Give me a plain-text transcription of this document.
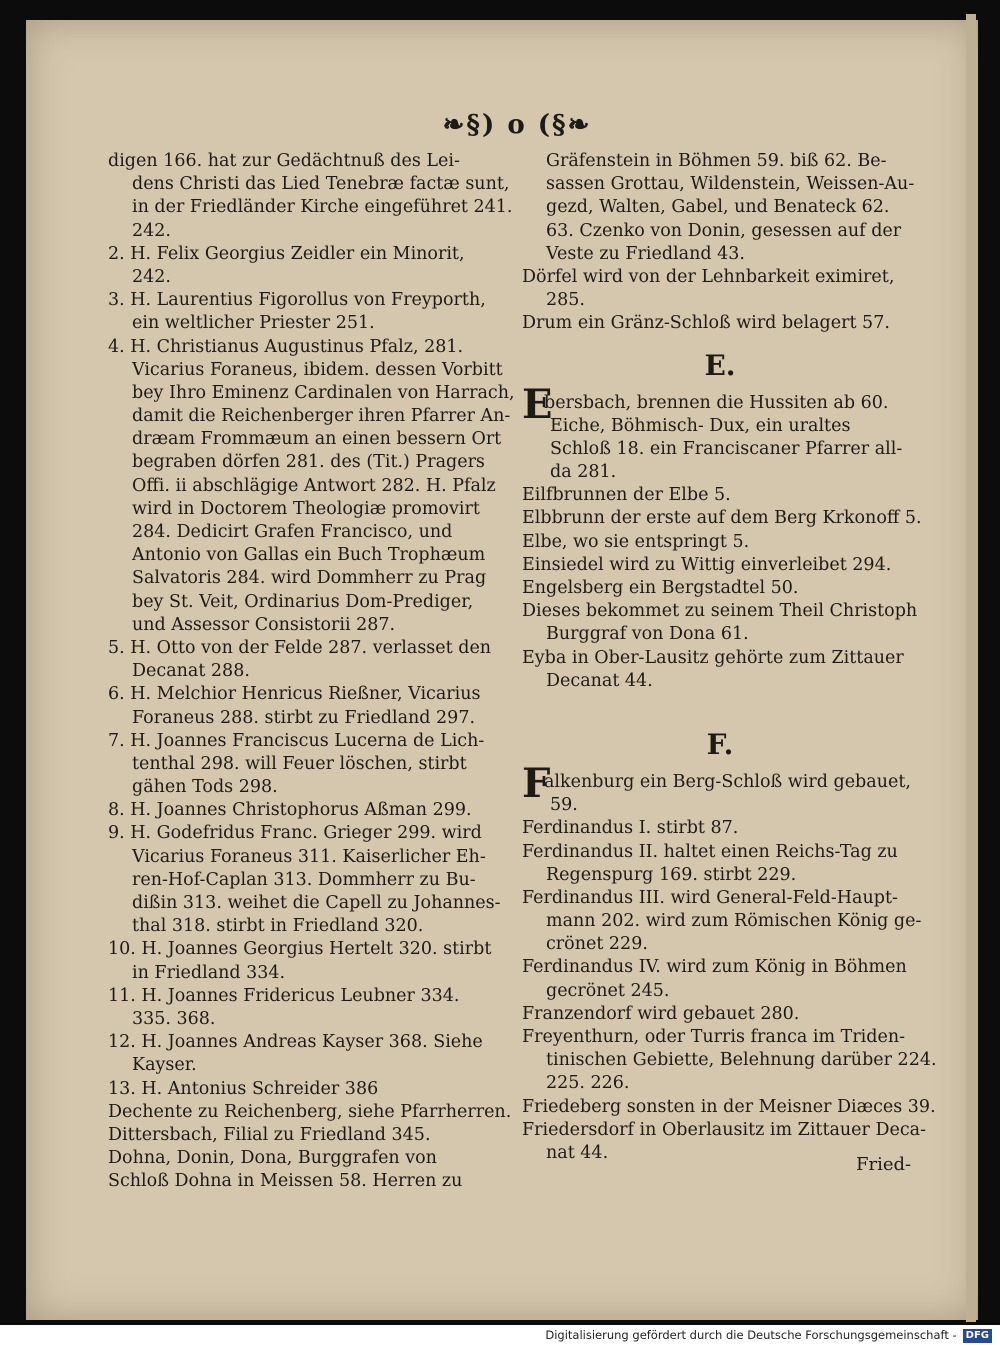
❧§) o (§❧
digen 166. hat zur Gedächtnuß des Lei-
dens Christi das Lied Tenebræ factæ sunt,
in der Friedländer Kirche eingeführet 241.
242.
2. H. Felix Georgius Zeidler ein Minorit,
242.
3. H. Laurentius Figorollus von Freyporth,
ein weltlicher Priester 251.
4. H. Christianus Augustinus Pfalz, 281.
Vicarius Foraneus, ibidem. dessen Vorbitt
bey Ihro Eminenz Cardinalen von Harrach,
damit die Reichenberger ihren Pfarrer An-
dræam Frommæum an einen bessern Ort
begraben dörfen 281. des (Tit.) Pragers
Offi. ii abschlägige Antwort 282. H. Pfalz
wird in Doctorem Theologiæ promovirt
284. Dedicirt Grafen Francisco, und
Antonio von Gallas ein Buch Trophæum
Salvatoris 284. wird Dommherr zu Prag
bey St. Veit, Ordinarius Dom-Prediger,
und Assessor Consistorii 287.
5. H. Otto von der Felde 287. verlasset den
Decanat 288.
6. H. Melchior Henricus Rießner, Vicarius
Foraneus 288. stirbt zu Friedland 297.
7. H. Joannes Franciscus Lucerna de Lich-
tenthal 298. will Feuer löschen, stirbt
gähen Tods 298.
8. H. Joannes Christophorus Aßman 299.
9. H. Godefridus Franc. Grieger 299. wird
Vicarius Foraneus 311. Kaiserlicher Eh-
ren-Hof-Caplan 313. Dommherr zu Bu-
dißin 313. weihet die Capell zu Johannes-
thal 318. stirbt in Friedland 320.
10. H. Joannes Georgius Hertelt 320. stirbt
in Friedland 334.
11. H. Joannes Fridericus Leubner 334.
335. 368.
12. H. Joannes Andreas Kayser 368. Siehe
Kayser.
13. H. Antonius Schreider 386
Dechente zu Reichenberg, siehe Pfarrherren.
Dittersbach, Filial zu Friedland 345.
Dohna, Donin, Dona, Burggrafen von
Schloß Dohna in Meissen 58. Herren zu
Gräfenstein in Böhmen 59. biß 62. Be-
sassen Grottau, Wildenstein, Weissen-Au-
gezd, Walten, Gabel, und Benateck 62.
63. Czenko von Donin, gesessen auf der
Veste zu Friedland 43.
Dörfel wird von der Lehnbarkeit eximiret,
285.
Drum ein Gränz-Schloß wird belagert 57.
E.
Ebersbach, brennen die Hussiten ab 60.
Eiche, Böhmisch- Dux, ein uraltes
Schloß 18. ein Franciscaner Pfarrer all-
da 281.
Eilfbrunnen der Elbe 5.
Elbbrunn der erste auf dem Berg Krkonoff 5.
Elbe, wo sie entspringt 5.
Einsiedel wird zu Wittig einverleibet 294.
Engelsberg ein Bergstadtel 50.
Dieses bekommet zu seinem Theil Christoph
Burggraf von Dona 61.
Eyba in Ober-Lausitz gehörte zum Zittauer
Decanat 44.
F.
Falkenburg ein Berg-Schloß wird gebauet,
59.
Ferdinandus I. stirbt 87.
Ferdinandus II. haltet einen Reichs-Tag zu
Regenspurg 169. stirbt 229.
Ferdinandus III. wird General-Feld-Haupt-
mann 202. wird zum Römischen König ge-
crönet 229.
Ferdinandus IV. wird zum König in Böhmen
gecrönet 245.
Franzendorf wird gebauet 280.
Freyenthurn, oder Turris franca im Triden-
tinischen Gebiette, Belehnung darüber 224.
225. 226.
Friedeberg sonsten in der Meisner Diæces 39.
Friedersdorf in Oberlausitz im Zittauer Deca-
nat 44.
Fried-
Digitalisierung gefördert durch die Deutsche Forschungsgemeinschaft - DFG
